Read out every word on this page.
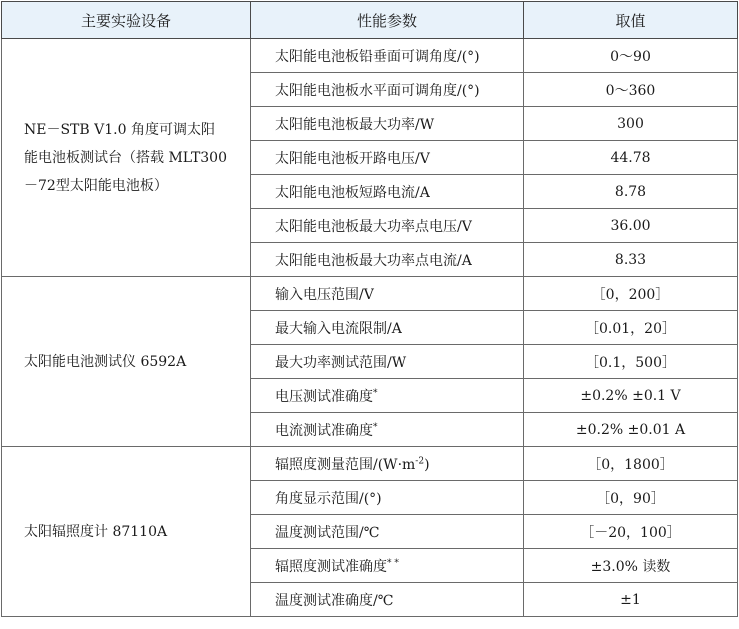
主要实验设备	性能参数	取值
NE－STB V1.0 角度可调太阳能电池板测试台（搭载 MLT300－72型太阳能电池板）	太阳能电池板铅垂面可调角度/(°)	0～90
	太阳能电池板水平面可调角度/(°)	0～360
	太阳能电池板最大功率/W	300
	太阳能电池板开路电压/V	44.78
	太阳能电池板短路电流/A	8.78
	太阳能电池板最大功率点电压/V	36.00
	太阳能电池板最大功率点电流/A	8.33
太阳能电池测试仪 6592A	输入电压范围/V	［0，200］
	最大输入电流限制/A	［0.01，20］
	最大功率测试范围/W	［0.1，500］
	电压测试准确度*	±0.2% ±0.1 V
	电流测试准确度*	±0.2% ±0.01 A
太阳辐照度计 87110A	辐照度测量范围$/(W\cdot m^{-2})$	［0，1800］
	角度显示范围/(°)	［0，90］
	温度测试范围/℃	［－20，100］
	辐照度测试准确度* *	±3.0% 读数
	温度测试准确度/℃	±1
